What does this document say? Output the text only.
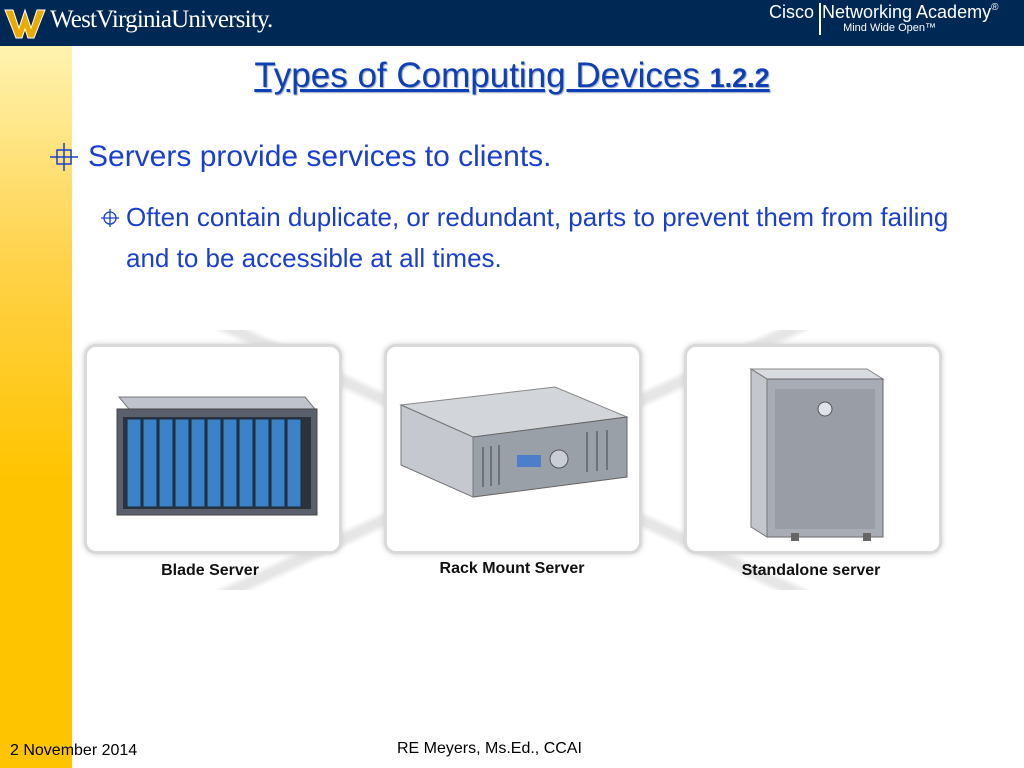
WestVirginiaUniversity.	Cisco Networking Academy®
Mind Wide Open™
Types of Computing Devices 1.2.2
Servers provide services to clients.
Often contain duplicate, or redundant, parts to prevent them from failing and to be accessible at all times.
Blade Server	Rack Mount Server	Standalone server
2 November 2014	RE Meyers, Ms.Ed., CCAI
